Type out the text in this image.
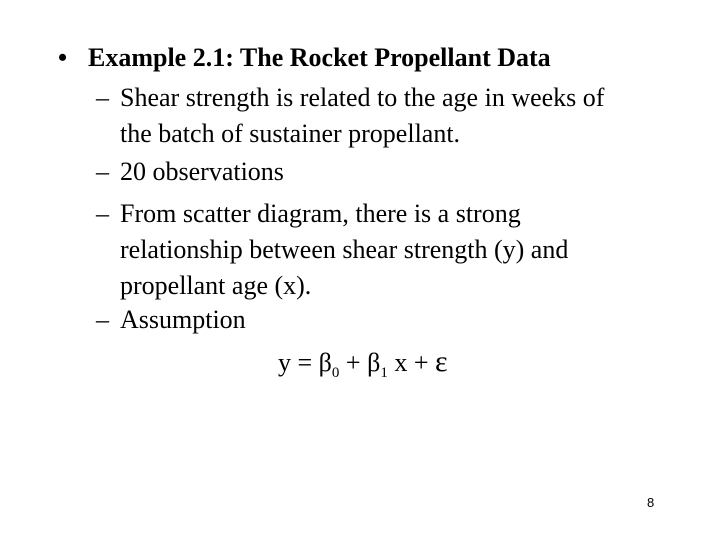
• Example 2.1: The Rocket Propellant Data
– Shear strength is related to the age in weeks of
the batch of sustainer propellant.
– 20 observations
– From scatter diagram, there is a strong
relationship between shear strength (y) and
propellant age (x).
– Assumption
$y = \beta_0 + \beta_1$ x + ε
8
